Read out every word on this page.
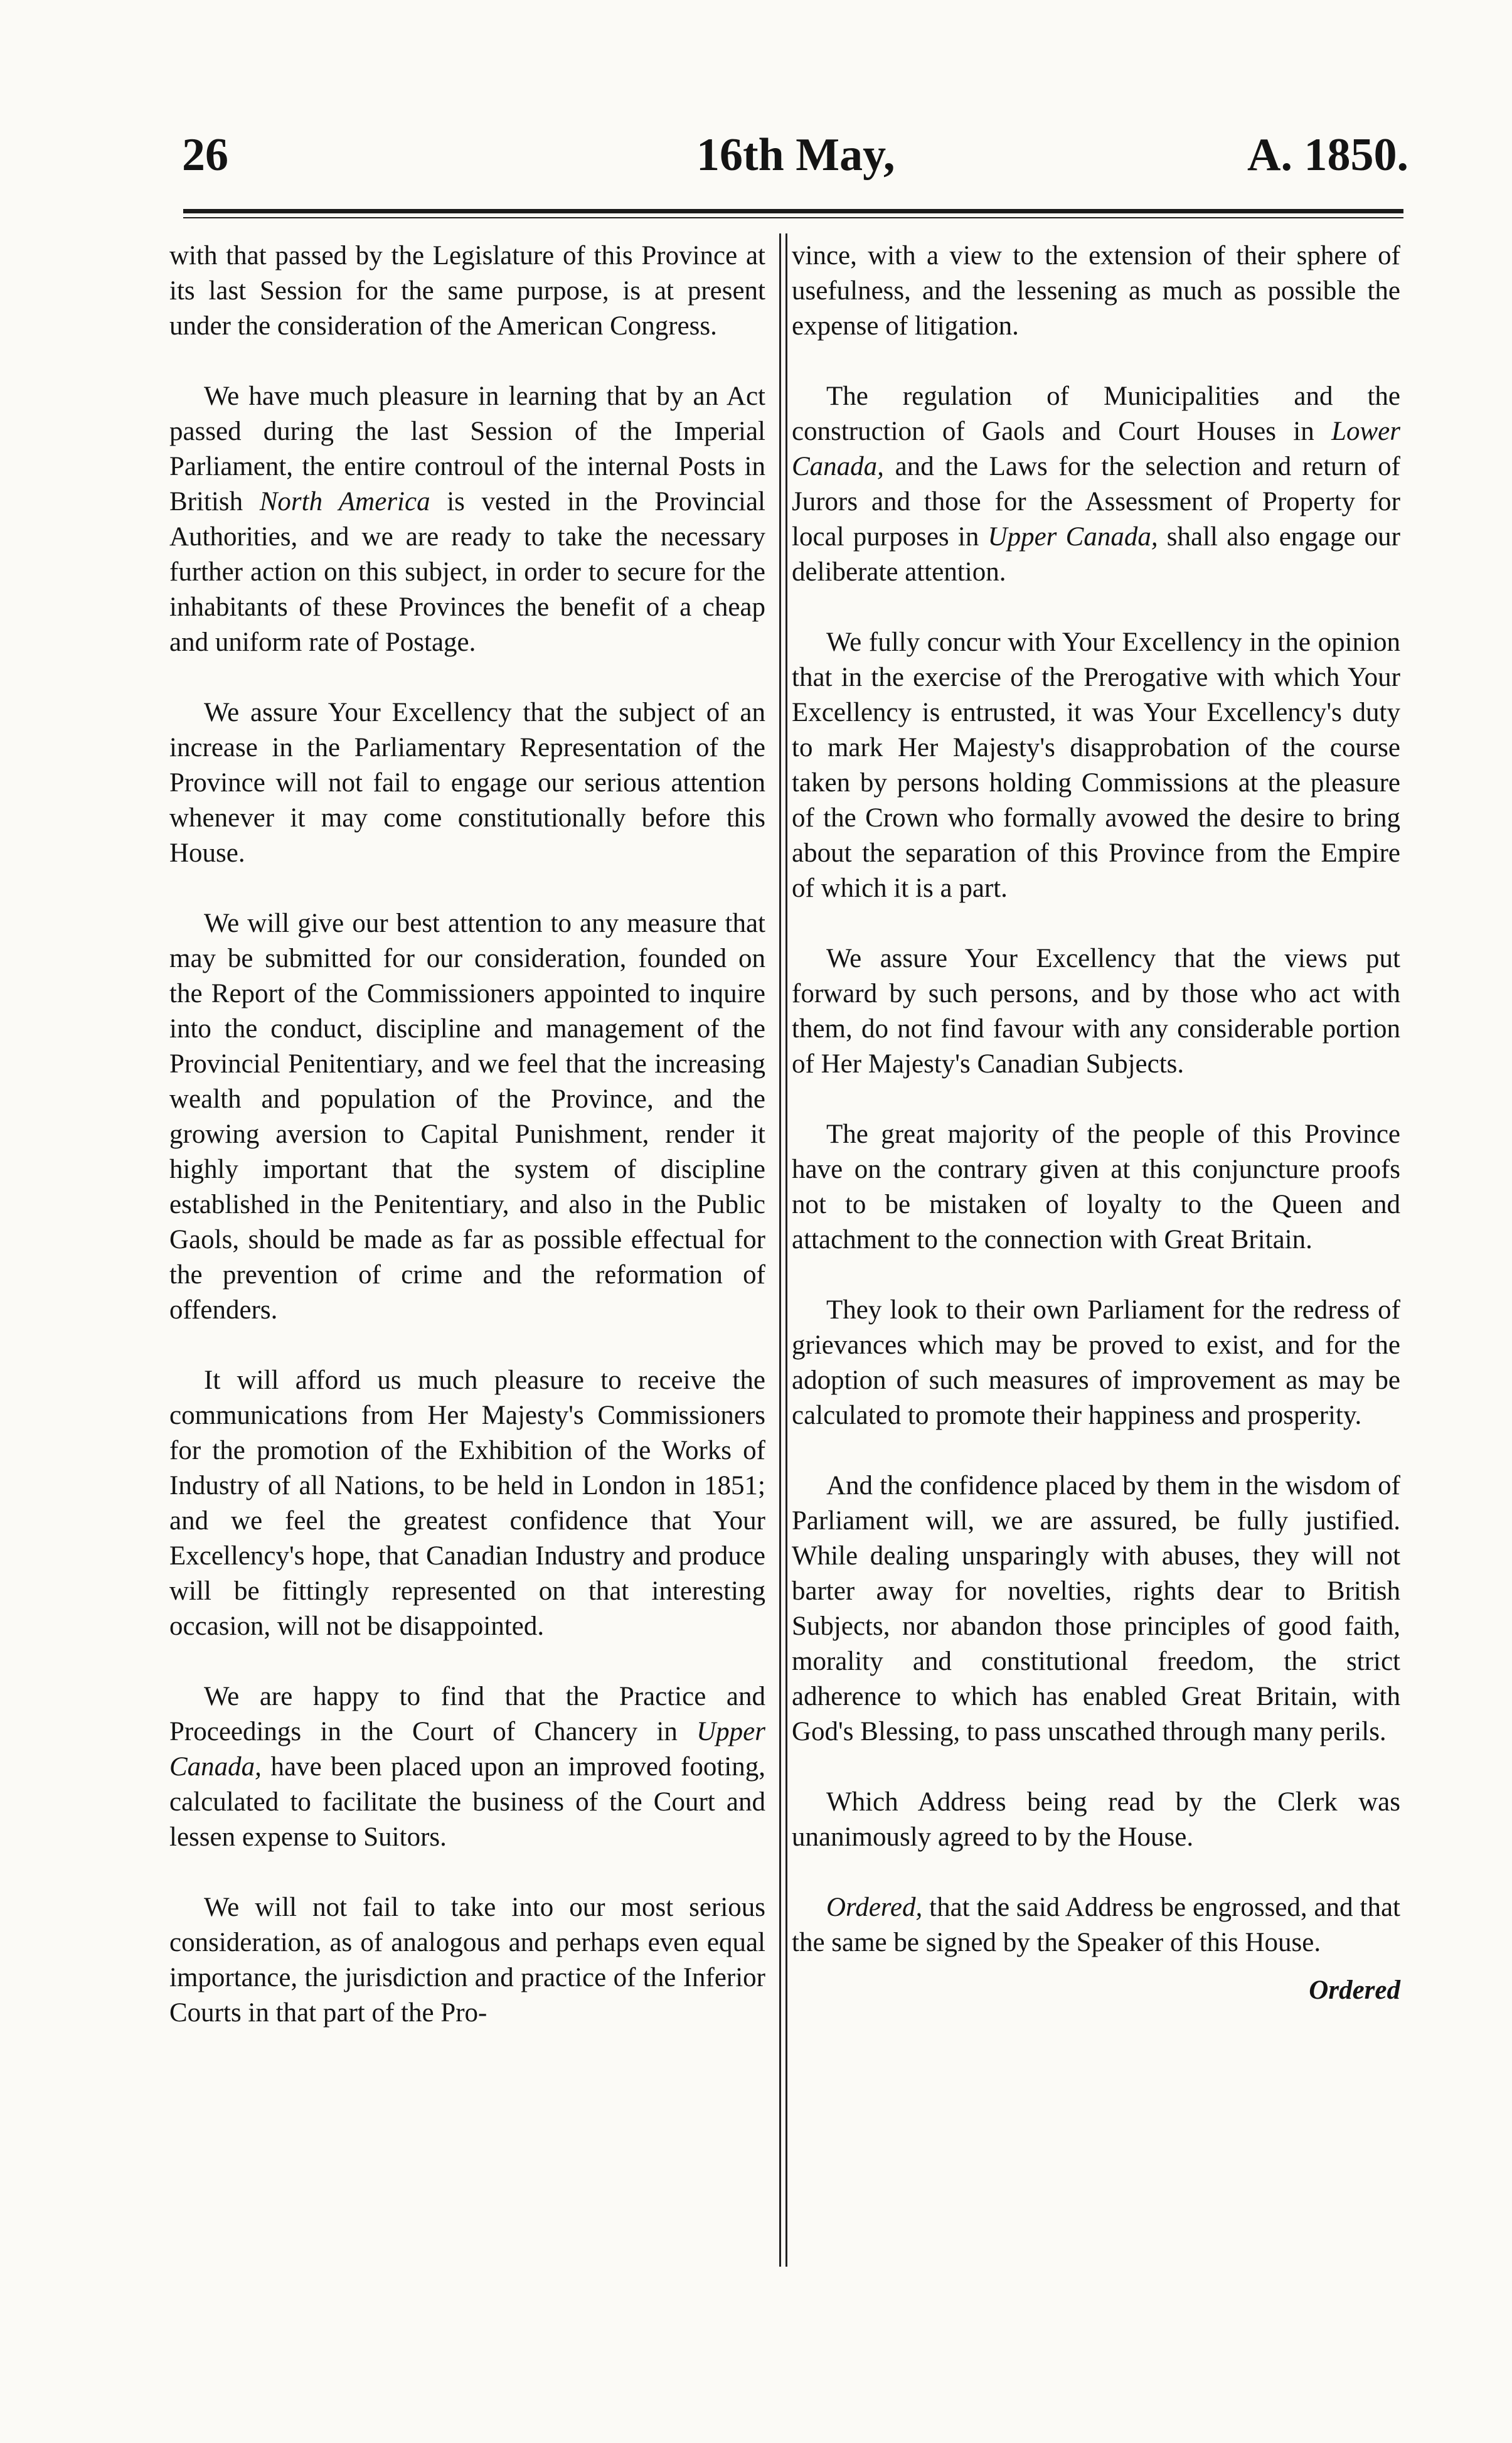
26	16th May,	A. 1850.

with that passed by the Legislature of this Province at its last Session for the same purpose, is at present under the consideration of the American Congress.

We have much pleasure in learning that by an Act passed during the last Session of the Imperial Parliament, the entire controul of the internal Posts in British North America is vested in the Provincial Authorities, and we are ready to take the necessary further action on this subject, in order to secure for the inhabitants of these Provinces the benefit of a cheap and uniform rate of Postage.

We assure Your Excellency that the subject of an increase in the Parliamentary Representation of the Province will not fail to engage our serious attention whenever it may come constitutionally before this House.

We will give our best attention to any measure that may be submitted for our consideration, founded on the Report of the Commissioners appointed to inquire into the conduct, discipline and management of the Provincial Penitentiary, and we feel that the increasing wealth and population of the Province, and the growing aversion to Capital Punishment, render it highly important that the system of discipline established in the Penitentiary, and also in the Public Gaols, should be made as far as possible effectual for the prevention of crime and the reformation of offenders.

It will afford us much pleasure to receive the communications from Her Majesty's Commissioners for the promotion of the Exhibition of the Works of Industry of all Nations, to be held in London in 1851; and we feel the greatest confidence that Your Excellency's hope, that Canadian Industry and produce will be fittingly represented on that interesting occasion, will not be disappointed.

We are happy to find that the Practice and Proceedings in the Court of Chancery in Upper Canada, have been placed upon an improved footing, calculated to facilitate the business of the Court and lessen expense to Suitors.

We will not fail to take into our most serious consideration, as of analogous and perhaps even equal importance, the jurisdiction and practice of the Inferior Courts in that part of the Pro-

vince, with a view to the extension of their sphere of usefulness, and the lessening as much as possible the expense of litigation.

The regulation of Municipalities and the construction of Gaols and Court Houses in Lower Canada, and the Laws for the selection and return of Jurors and those for the Assessment of Property for local purposes in Upper Canada, shall also engage our deliberate attention.

We fully concur with Your Excellency in the opinion that in the exercise of the Prerogative with which Your Excellency is entrusted, it was Your Excellency's duty to mark Her Majesty's disapprobation of the course taken by persons holding Commissions at the pleasure of the Crown who formally avowed the desire to bring about the separation of this Province from the Empire of which it is a part.

We assure Your Excellency that the views put forward by such persons, and by those who act with them, do not find favour with any considerable portion of Her Majesty's Canadian Subjects.

The great majority of the people of this Province have on the contrary given at this conjuncture proofs not to be mistaken of loyalty to the Queen and attachment to the connection with Great Britain.

They look to their own Parliament for the redress of grievances which may be proved to exist, and for the adoption of such measures of improvement as may be calculated to promote their happiness and prosperity.

And the confidence placed by them in the wisdom of Parliament will, we are assured, be fully justified. While dealing unsparingly with abuses, they will not barter away for novelties, rights dear to British Subjects, nor abandon those principles of good faith, morality and constitutional freedom, the strict adherence to which has enabled Great Britain, with God's Blessing, to pass unscathed through many perils.

Which Address being read by the Clerk was unanimously agreed to by the House.

Ordered, that the said Address be engrossed, and that the same be signed by the Speaker of this House.

Ordered
